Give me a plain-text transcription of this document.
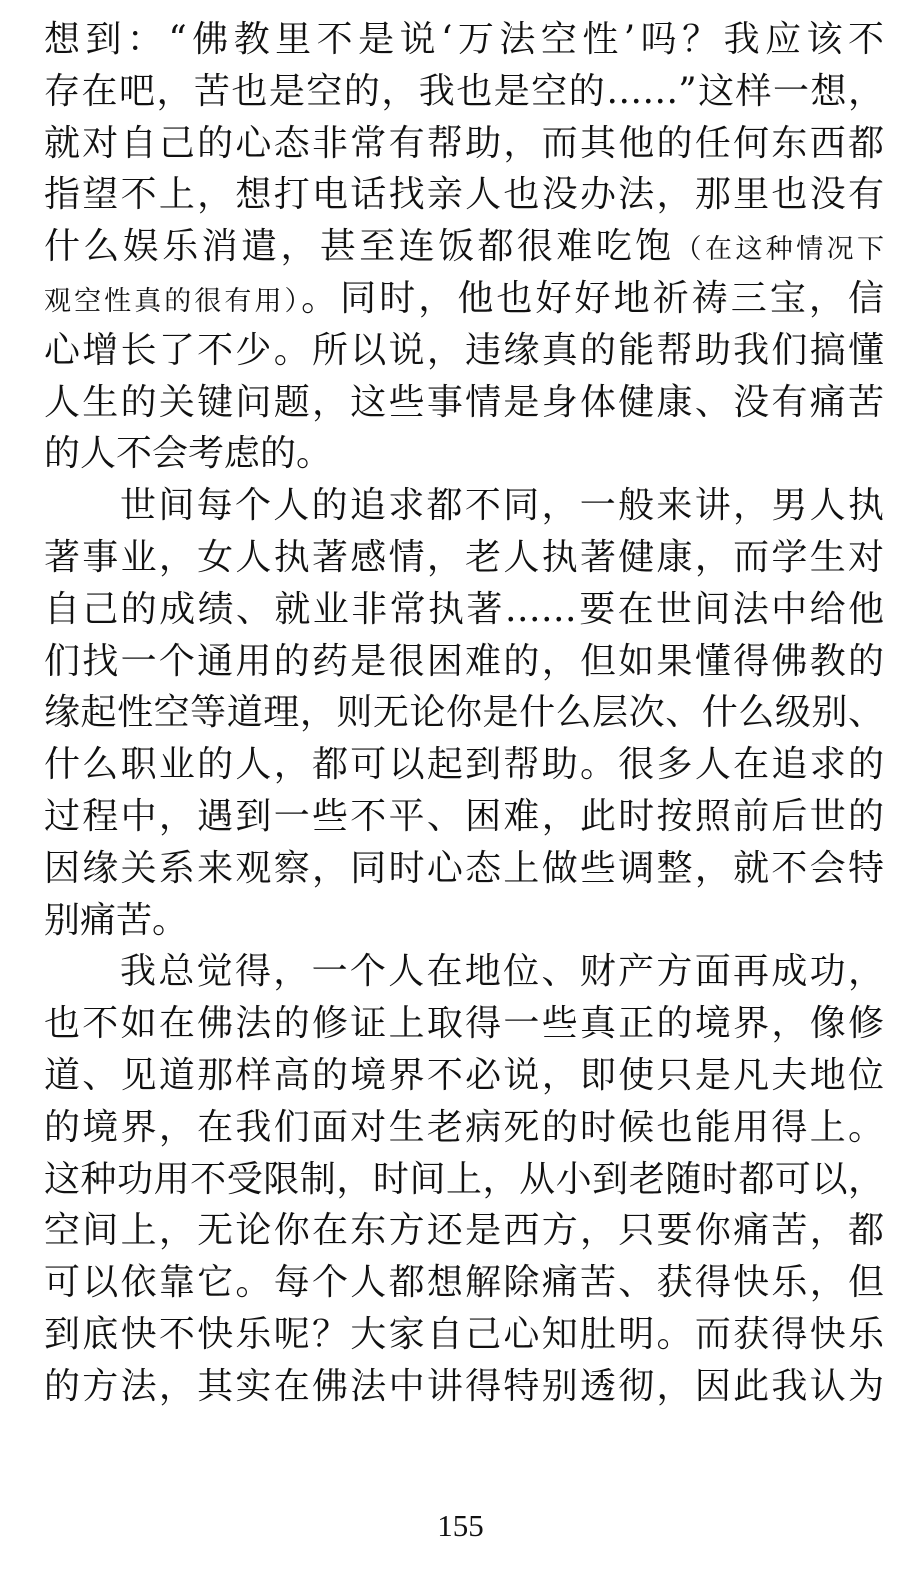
想到：“佛教里不是说‘万法空性’吗？我应该不
存在吧，苦也是空的，我也是空的……”这样一想，
就对自己的心态非常有帮助，而其他的任何东西都
指望不上，想打电话找亲人也没办法，那里也没有
什么娱乐消遣，甚至连饭都很难吃饱（在这种情况下
观空性真的很有用）。同时，他也好好地祈祷三宝，信
心增长了不少。所以说，违缘真的能帮助我们搞懂
人生的关键问题，这些事情是身体健康、没有痛苦
的人不会考虑的。
世间每个人的追求都不同，一般来讲，男人执
著事业，女人执著感情，老人执著健康，而学生对
自己的成绩、就业非常执著……要在世间法中给他
们找一个通用的药是很困难的，但如果懂得佛教的
缘起性空等道理，则无论你是什么层次、什么级别、
什么职业的人，都可以起到帮助。很多人在追求的
过程中，遇到一些不平、困难，此时按照前后世的
因缘关系来观察，同时心态上做些调整，就不会特
别痛苦。
我总觉得，一个人在地位、财产方面再成功，
也不如在佛法的修证上取得一些真正的境界，像修
道、见道那样高的境界不必说，即使只是凡夫地位
的境界，在我们面对生老病死的时候也能用得上。
这种功用不受限制，时间上，从小到老随时都可以，
空间上，无论你在东方还是西方，只要你痛苦，都
可以依靠它。每个人都想解除痛苦、获得快乐，但
到底快不快乐呢？大家自己心知肚明。而获得快乐
的方法，其实在佛法中讲得特别透彻，因此我认为
155
